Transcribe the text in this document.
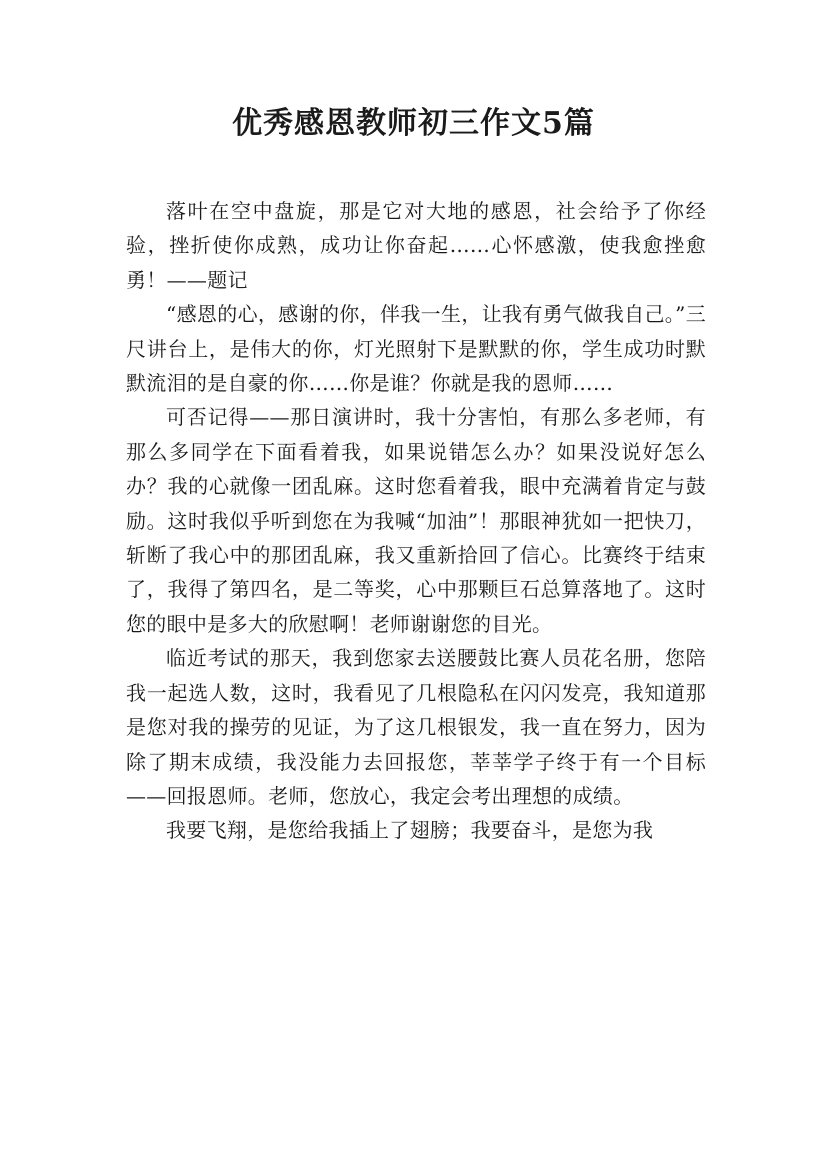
优秀感恩教师初三作文5篇

落叶在空中盘旋，那是它对大地的感恩，社会给予了你经验，挫折使你成熟，成功让你奋起……心怀感激，使我愈挫愈勇！——题记

“感恩的心，感谢的你，伴我一生，让我有勇气做我自己。”三尺讲台上，是伟大的你，灯光照射下是默默的你，学生成功时默默流泪的是自豪的你……你是谁？你就是我的恩师……

可否记得——那日演讲时，我十分害怕，有那么多老师，有那么多同学在下面看着我，如果说错怎么办？如果没说好怎么办？我的心就像一团乱麻。这时您看着我，眼中充满着肯定与鼓励。这时我似乎听到您在为我喊“加油”！那眼神犹如一把快刀，斩断了我心中的那团乱麻，我又重新拾回了信心。比赛终于结束了，我得了第四名，是二等奖，心中那颗巨石总算落地了。这时您的眼中是多大的欣慰啊！老师谢谢您的目光。

临近考试的那天，我到您家去送腰鼓比赛人员花名册，您陪我一起选人数，这时，我看见了几根隐私在闪闪发亮，我知道那是您对我的操劳的见证，为了这几根银发，我一直在努力，因为除了期末成绩，我没能力去回报您，莘莘学子终于有一个目标——回报恩师。老师，您放心，我定会考出理想的成绩。

我要飞翔，是您给我插上了翅膀；我要奋斗，是您为我
